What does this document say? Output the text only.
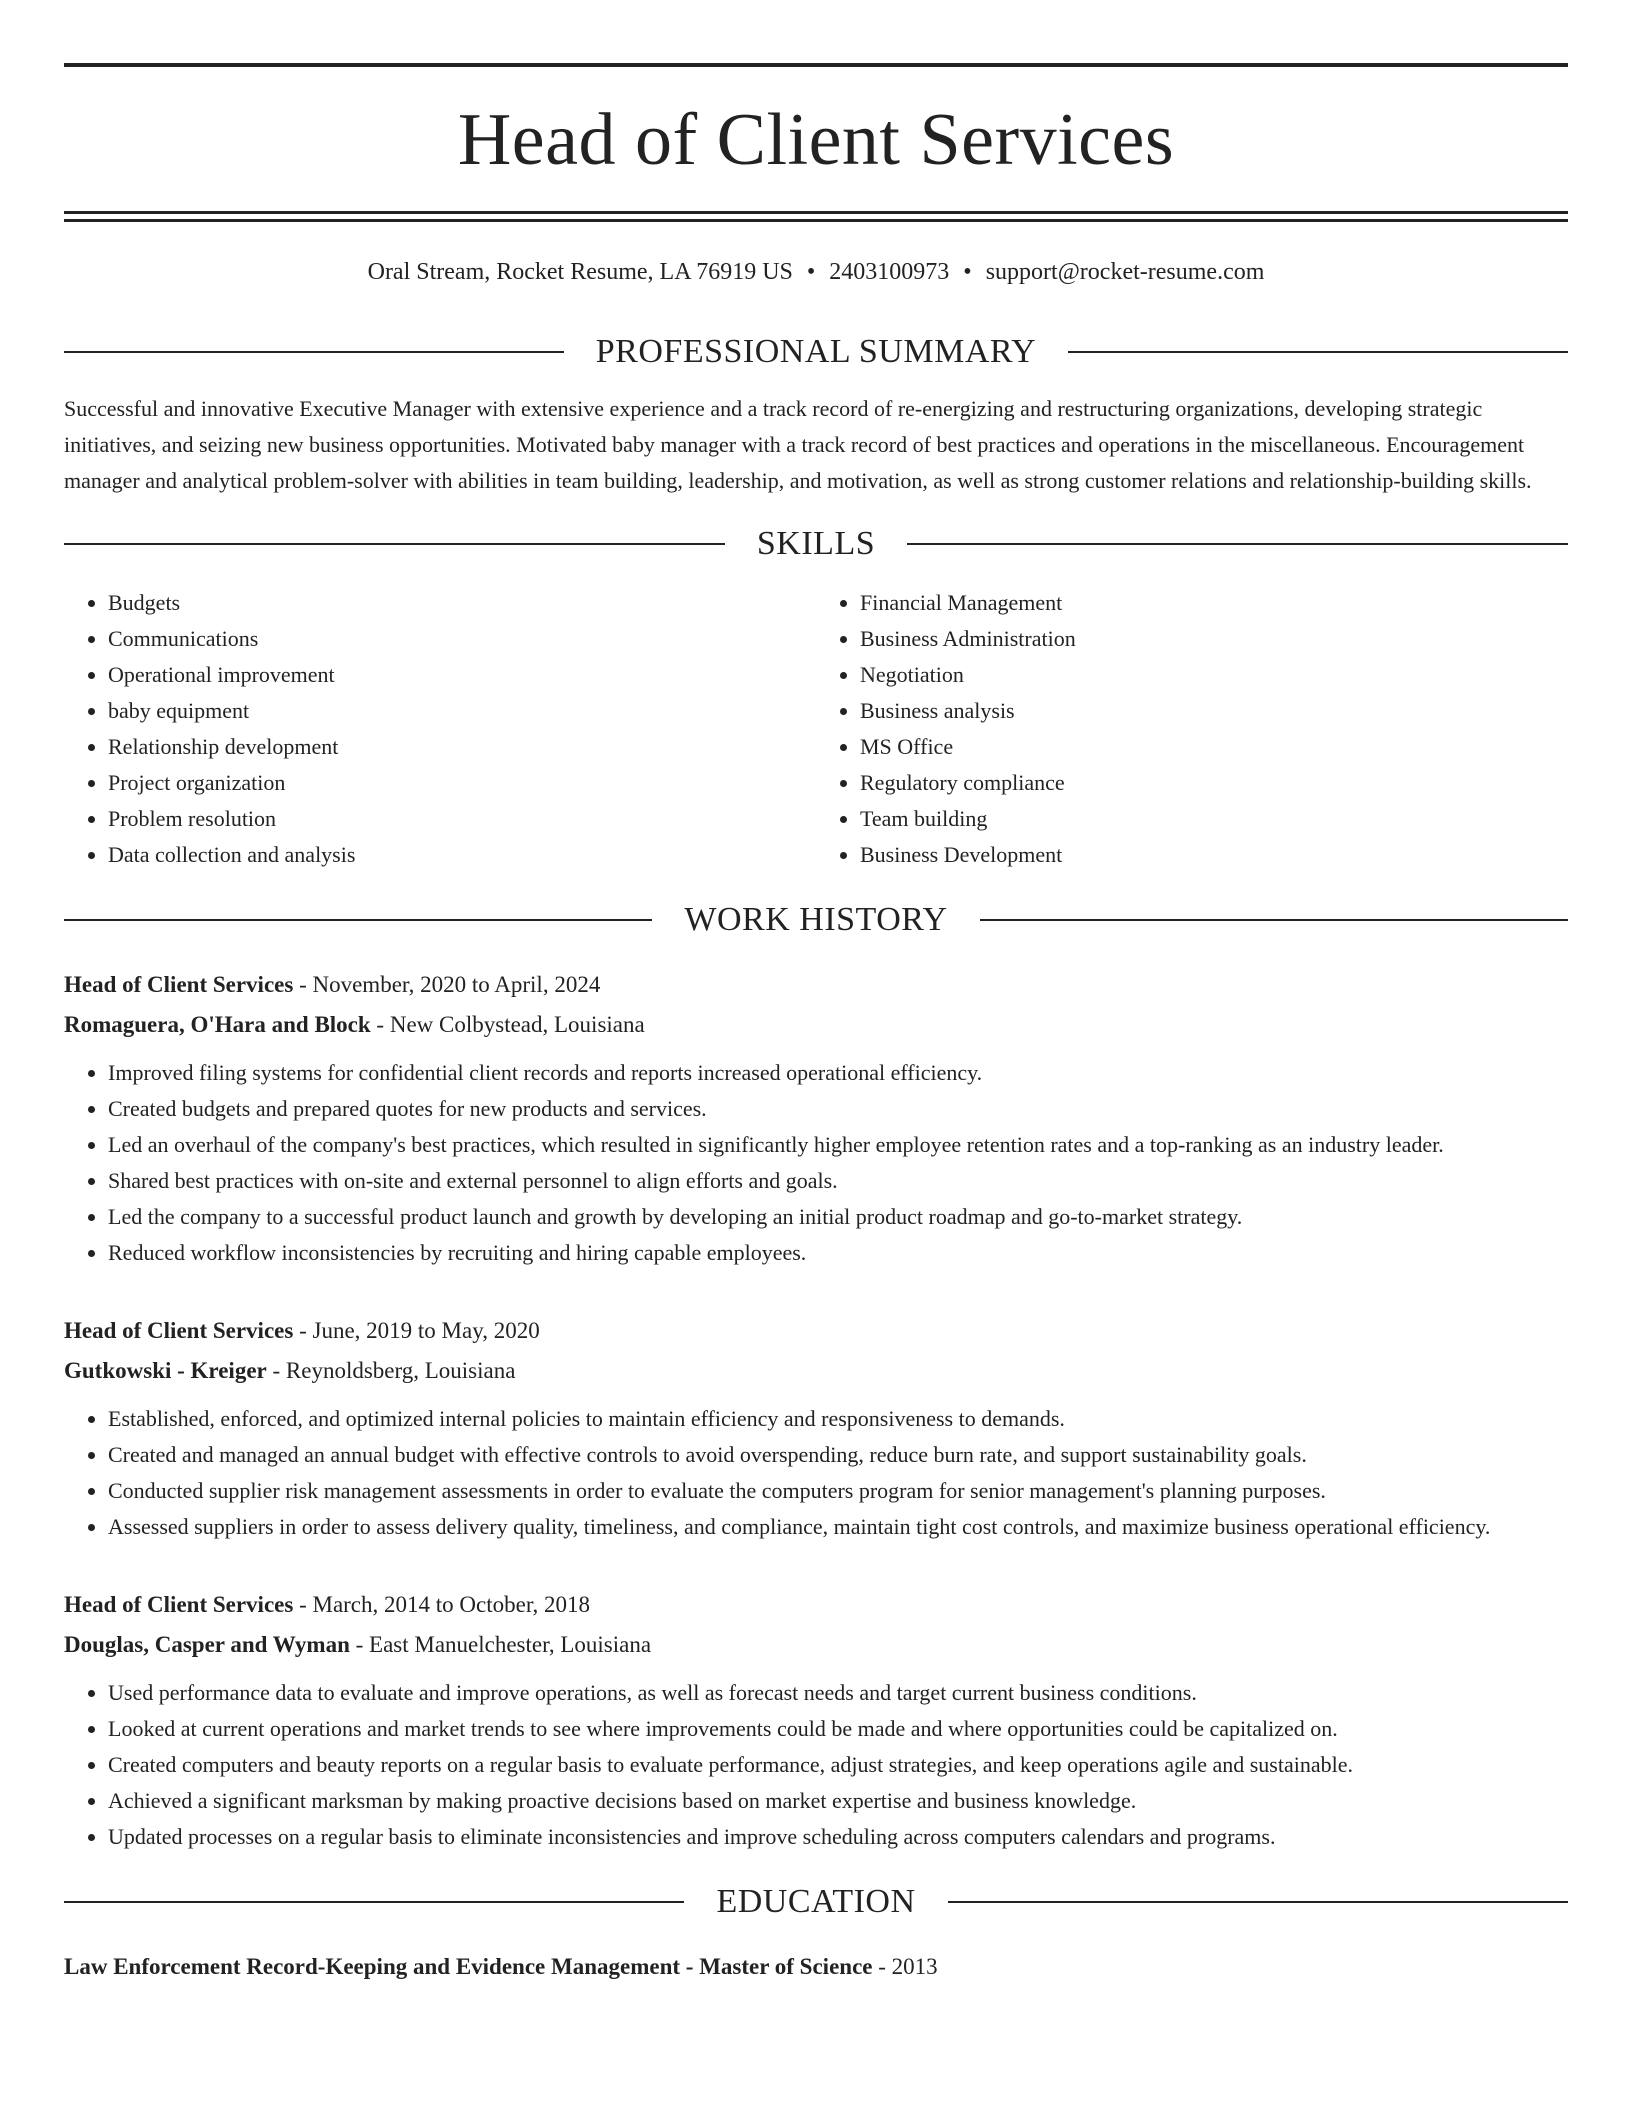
Head of Client Services
Oral Stream, Rocket Resume, LA 76919 US • 2403100973 • support@rocket-resume.com
PROFESSIONAL SUMMARY
Successful and innovative Executive Manager with extensive experience and a track record of re-energizing and restructuring organizations, developing strategic initiatives, and seizing new business opportunities. Motivated baby manager with a track record of best practices and operations in the miscellaneous. Encouragement manager and analytical problem-solver with abilities in team building, leadership, and motivation, as well as strong customer relations and relationship-building skills.
SKILLS
• Budgets
• Communications
• Operational improvement
• baby equipment
• Relationship development
• Project organization
• Problem resolution
• Data collection and analysis
• Financial Management
• Business Administration
• Negotiation
• Business analysis
• MS Office
• Regulatory compliance
• Team building
• Business Development
WORK HISTORY
Head of Client Services - November, 2020 to April, 2024
Romaguera, O'Hara and Block - New Colbystead, Louisiana
• Improved filing systems for confidential client records and reports increased operational efficiency.
• Created budgets and prepared quotes for new products and services.
• Led an overhaul of the company's best practices, which resulted in significantly higher employee retention rates and a top-ranking as an industry leader.
• Shared best practices with on-site and external personnel to align efforts and goals.
• Led the company to a successful product launch and growth by developing an initial product roadmap and go-to-market strategy.
• Reduced workflow inconsistencies by recruiting and hiring capable employees.
Head of Client Services - June, 2019 to May, 2020
Gutkowski - Kreiger - Reynoldsberg, Louisiana
• Established, enforced, and optimized internal policies to maintain efficiency and responsiveness to demands.
• Created and managed an annual budget with effective controls to avoid overspending, reduce burn rate, and support sustainability goals.
• Conducted supplier risk management assessments in order to evaluate the computers program for senior management's planning purposes.
• Assessed suppliers in order to assess delivery quality, timeliness, and compliance, maintain tight cost controls, and maximize business operational efficiency.
Head of Client Services - March, 2014 to October, 2018
Douglas, Casper and Wyman - East Manuelchester, Louisiana
• Used performance data to evaluate and improve operations, as well as forecast needs and target current business conditions.
• Looked at current operations and market trends to see where improvements could be made and where opportunities could be capitalized on.
• Created computers and beauty reports on a regular basis to evaluate performance, adjust strategies, and keep operations agile and sustainable.
• Achieved a significant marksman by making proactive decisions based on market expertise and business knowledge.
• Updated processes on a regular basis to eliminate inconsistencies and improve scheduling across computers calendars and programs.
EDUCATION
Law Enforcement Record-Keeping and Evidence Management - Master of Science - 2013
